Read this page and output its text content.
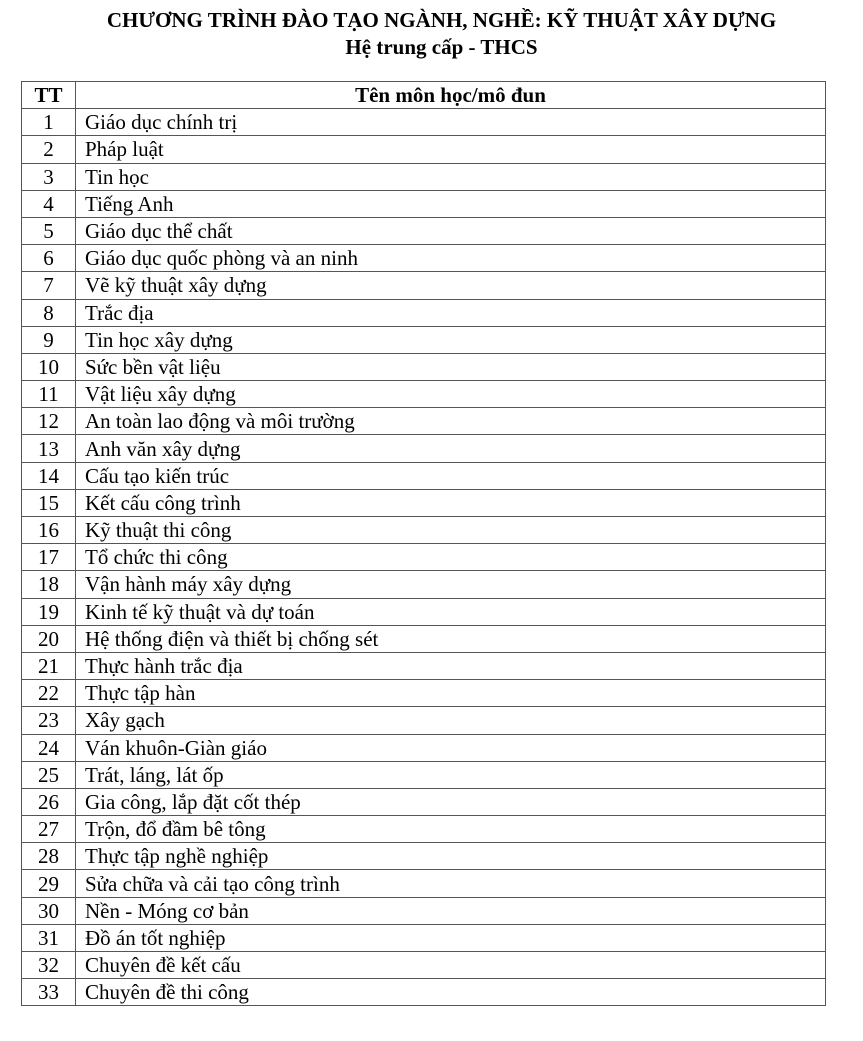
CHƯƠNG TRÌNH ĐÀO TẠO NGÀNH, NGHỀ: KỸ THUẬT XÂY DỰNG
Hệ trung cấp - THCS
TT	Tên môn học/mô đun
1	Giáo dục chính trị
2	Pháp luật
3	Tin học
4	Tiếng Anh
5	Giáo dục thể chất
6	Giáo dục quốc phòng và an ninh
7	Vẽ kỹ thuật xây dựng
8	Trắc địa
9	Tin học xây dựng
10	Sức bền vật liệu
11	Vật liệu xây dựng
12	An toàn lao động và môi trường
13	Anh văn xây dựng
14	Cấu tạo kiến trúc
15	Kết cấu công trình
16	Kỹ thuật thi công
17	Tổ chức thi công
18	Vận hành máy xây dựng
19	Kinh tế kỹ thuật và dự toán
20	Hệ thống điện và thiết bị chống sét
21	Thực hành trắc địa
22	Thực tập hàn
23	Xây gạch
24	Ván khuôn-Giàn giáo
25	Trát, láng, lát ốp
26	Gia công, lắp đặt cốt thép
27	Trộn, đổ đầm bê tông
28	Thực tập nghề nghiệp
29	Sửa chữa và cải tạo công trình
30	Nền - Móng cơ bản
31	Đồ án tốt nghiệp
32	Chuyên đề kết cấu
33	Chuyên đề thi công
